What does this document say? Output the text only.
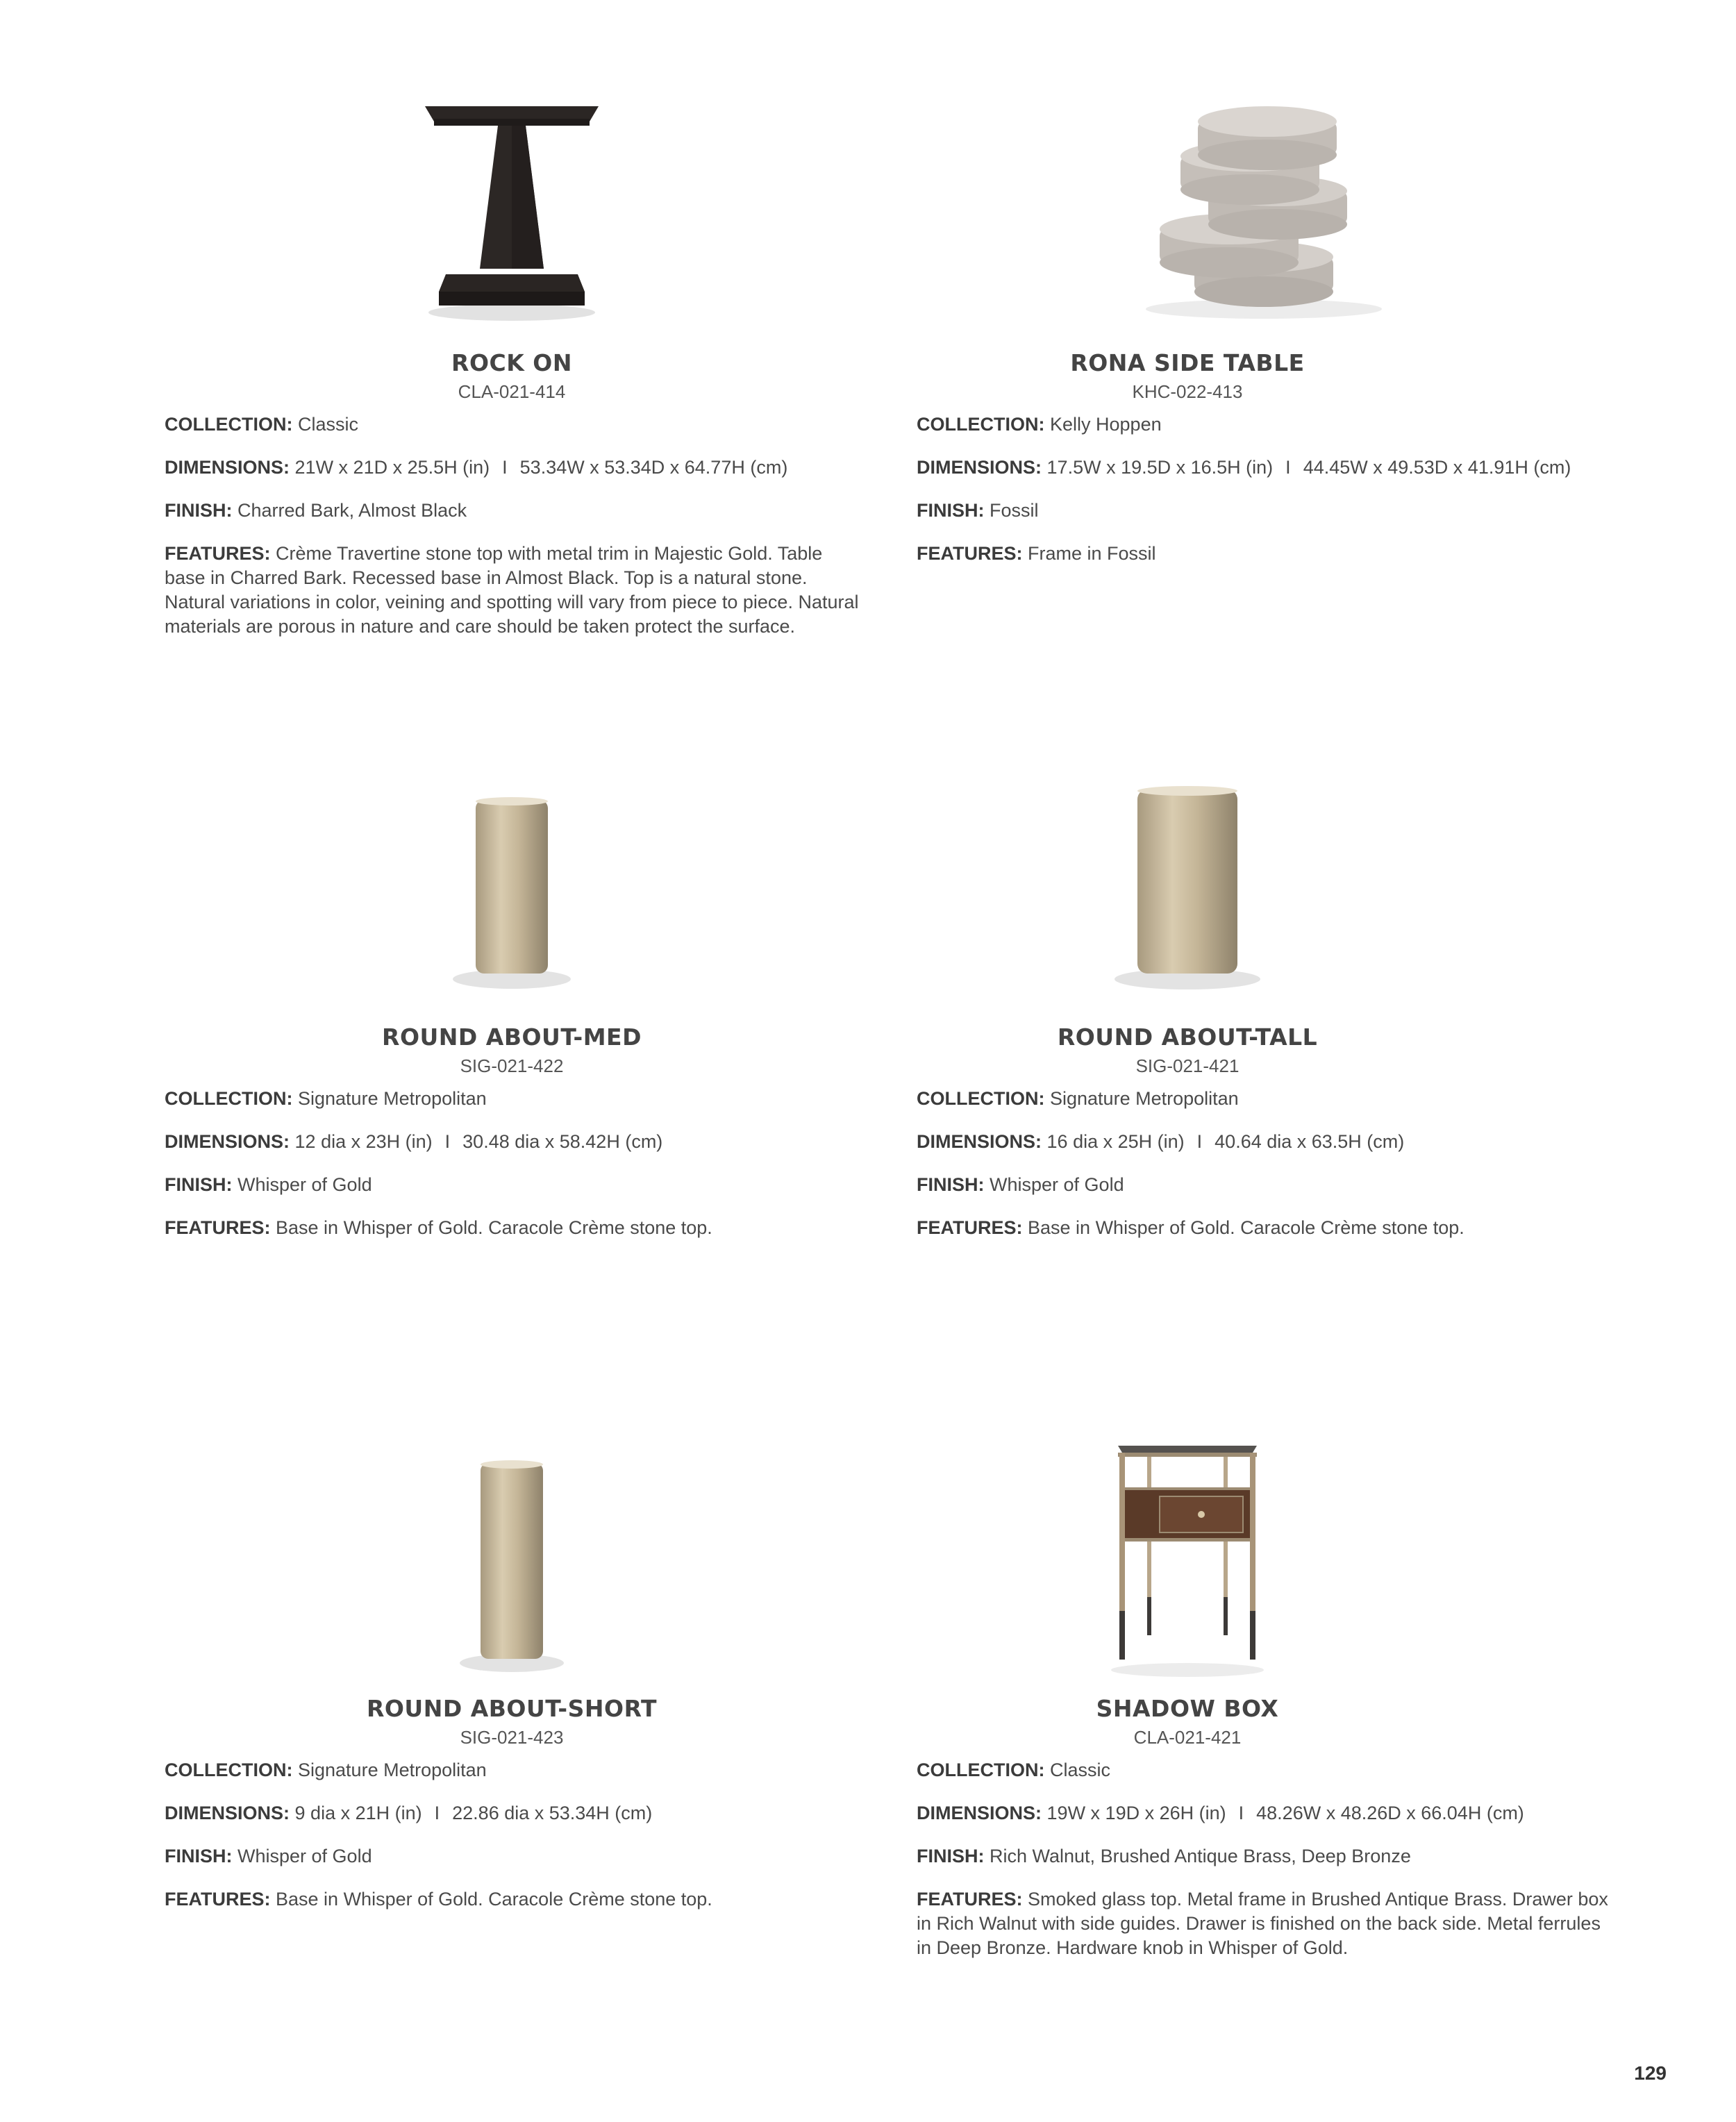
ROCK ON
CLA-021-414
COLLECTION: Classic
DIMENSIONS: 21W x 21D x 25.5H (in) I 53.34W x 53.34D x 64.77H (cm)
FINISH: Charred Bark, Almost Black
FEATURES: Crème Travertine stone top with metal trim in Majestic Gold. Table base in Charred Bark. Recessed base in Almost Black. Top is a natural stone. Natural variations in color, veining and spotting will vary from piece to piece. Natural materials are porous in nature and care should be taken protect the surface.
RONA SIDE TABLE
KHC-022-413
COLLECTION: Kelly Hoppen
DIMENSIONS: 17.5W x 19.5D x 16.5H (in) I 44.45W x 49.53D x 41.91H (cm)
FINISH: Fossil
FEATURES: Frame in Fossil
ROUND ABOUT-MED
SIG-021-422
COLLECTION: Signature Metropolitan
DIMENSIONS: 12 dia x 23H (in) I 30.48 dia x 58.42H (cm)
FINISH: Whisper of Gold
FEATURES: Base in Whisper of Gold. Caracole Crème stone top.
ROUND ABOUT-TALL
SIG-021-421
COLLECTION: Signature Metropolitan
DIMENSIONS: 16 dia x 25H (in) I 40.64 dia x 63.5H (cm)
FINISH: Whisper of Gold
FEATURES: Base in Whisper of Gold. Caracole Crème stone top.
ROUND ABOUT-SHORT
SIG-021-423
COLLECTION: Signature Metropolitan
DIMENSIONS: 9 dia x 21H (in) I 22.86 dia x 53.34H (cm)
FINISH: Whisper of Gold
FEATURES: Base in Whisper of Gold. Caracole Crème stone top.
SHADOW BOX
CLA-021-421
COLLECTION: Classic
DIMENSIONS: 19W x 19D x 26H (in) I 48.26W x 48.26D x 66.04H (cm)
FINISH: Rich Walnut, Brushed Antique Brass, Deep Bronze
FEATURES: Smoked glass top. Metal frame in Brushed Antique Brass. Drawer box in Rich Walnut with side guides. Drawer is finished on the back side. Metal ferrules in Deep Bronze. Hardware knob in Whisper of Gold.
129
